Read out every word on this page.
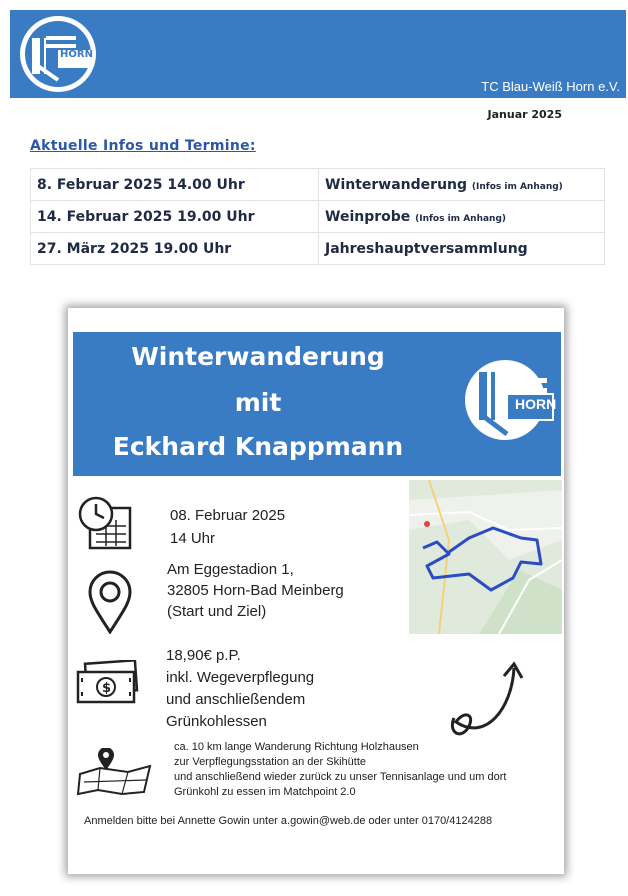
HORN
TC Blau-Weiß Horn e.V.
Januar 2025
Aktuelle Infos und Termine:
8. Februar 2025 14.00 Uhr	Winterwanderung (Infos im Anhang)
14. Februar 2025 19.00 Uhr	Weinprobe (Infos im Anhang)
27. März 2025 19.00 Uhr	Jahreshauptversammlung
Winterwanderung
mit
Eckhard Knappmann
HORN
08. Februar 2025
14 Uhr
Am Eggestadion 1,
32805 Horn-Bad Meinberg
(Start und Ziel)
$
18,90€ p.P.
inkl. Wegeverpflegung
und anschließendem
Grünkohlessen
ca. 10 km lange Wanderung Richtung Holzhausen
zur Verpflegungsstation an der Skihütte
und anschließend wieder zurück zu unser Tennisanlage und um dort
Grünkohl zu essen im Matchpoint 2.0
Anmelden bitte bei Annette Gowin unter a.gowin@web.de oder unter 0170/4124288
